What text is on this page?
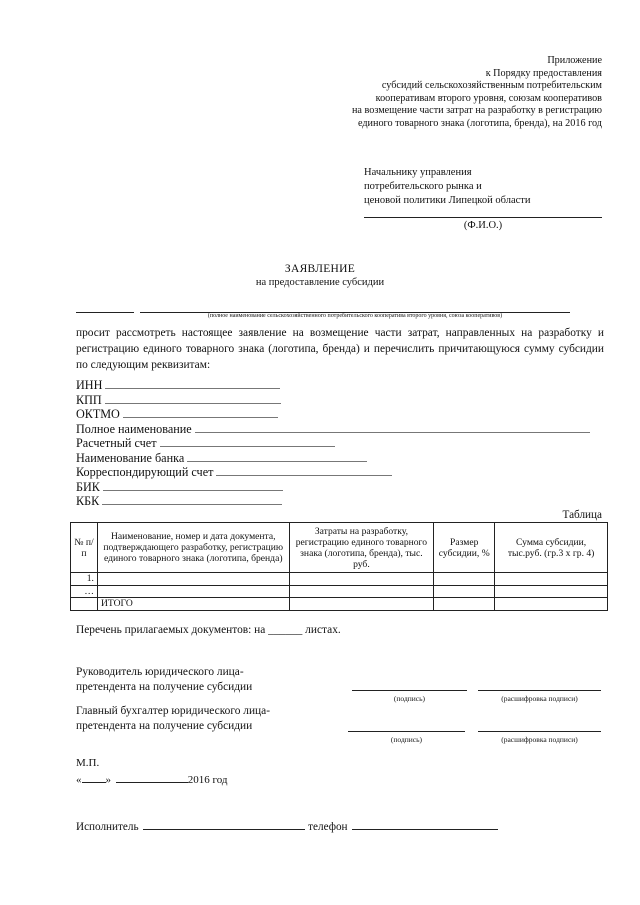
Приложение
к Порядку предоставления
субсидий сельскохозяйственным потребительским
кооперативам второго уровня, союзам кооперативов
на возмещение части затрат на разработку в регистрацию
единого товарного знака (логотипа, бренда), на 2016 год
Начальнику управления
потребительского рынка и
ценовой политики Липецкой области
(Ф.И.О.)
ЗАЯВЛЕНИЕ
на предоставление субсидии
(полное наименование сельскохозяйственного потребительского кооператива второго уровня, союза кооперативов)
просит рассмотреть настоящее заявление на возмещение части затрат, направленных на разработку и регистрацию единого товарного знака (логотипа, бренда) и перечислить причитающуюся сумму субсидии по следующим реквизитам:
ИНН
КПП
ОКТМО
Полное наименование
Расчетный счет
Наименование банка
Корреспондирующий счет
БИК
КБК
Таблица
№ п/п	Наименование, номер и дата документа, подтверждающего разработку, регистрацию единого товарного знака (логотипа, бренда)	Затраты на разработку, регистрацию единого товарного знака (логотипа, бренда), тыс. руб.	Размер субсидии, %	Сумма субсидии, тыс.руб. (гр.3 х гр. 4)
1.				
…				
	ИТОГО			
Перечень прилагаемых документов: на ______ листах.
Руководитель юридического лица-
претендента на получение субсидии
(подпись)	(расшифровка подписи)
Главный бухгалтер юридического лица-
претендента на получение субсидии
(подпись)	(расшифровка подписи)
М.П.
« »	2016 год
Исполнитель	телефон
